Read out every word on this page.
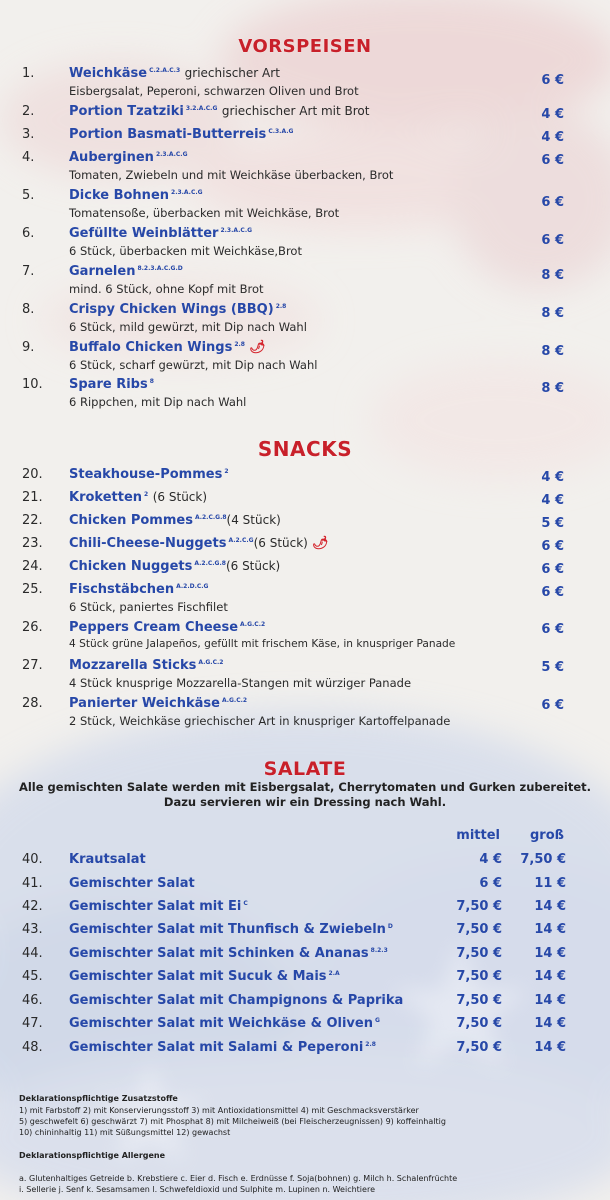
VORSPEISEN
1.	Weichkäse $^{C.2.A.C.3}$ griechischer Art
Eisbergsalat, Peperoni, schwarzen Oliven und Brot
6 €
2.	Portion Tzatziki $^{3.2.A.C.G}$ griechischer Art mit Brot	4 €
3.	Portion Basmati-Butterreis $^{C.3.A.G}$	4 €
4.	Auberginen $^{2.3.A.C.G}$
Tomaten, Zwiebeln und mit Weichkäse überbacken, Brot
6 €
5.	Dicke Bohnen $^{2.3.A.C.G}$
Tomatensoße, überbacken mit Weichkäse, Brot
6 €
6.	Gefüllte Weinblätter $^{2.3.A.C.G}$
6 Stück, überbacken mit Weichkäse,Brot
6 €
7.	Garnelen $^{8.2.3.A.C.G.D}$
mind. 6 Stück, ohne Kopf mit Brot
8 €
8.	Crispy Chicken Wings (BBQ) $^{2.8}$
6 Stück, mild gewürzt, mit Dip nach Wahl
8 €
9.	Buffalo Chicken Wings $^{2.8}$ 🌶
6 Stück, scharf gewürzt, mit Dip nach Wahl
8 €
10. Spare Ribs $^8$
6 Rippchen, mit Dip nach Wahl
8 €
SNACKS
20. Steakhouse-Pommes $^2$	4 €
21. Kroketten $^2$ (6 Stück)	4 €
22. Chicken Pommes $^{A.2.C.G.8}$(4 Stück)	5 €
23. Chili-Cheese-Nuggets $^{A.2.C.G}$(6 Stück) 🌶	6 €
24. Chicken Nuggets $^{A.2.C.G.8}$(6 Stück)	6 €
25. Fischstäbchen $^{A.2.D.C.G}$
6 Stück, paniertes Fischfilet
6 €
26. Peppers Cream Cheese $^{A.G.C.2}$
4 Stück grüne Jalapeños, gefüllt mit frischem Käse, in knuspriger Panade
6 €
27. Mozzarella Sticks $^{A.G.C.2}$
4 Stück knusprige Mozzarella-Stangen mit würziger Panade
5 €
28. Panierter Weichkäse $^{A.G.C.2}$
2 Stück, Weichkäse griechischer Art in knuspriger Kartoffelpanade
6 €
SALATE
Alle gemischten Salate werden mit Eisbergsalat, Cherrytomaten und Gurken zubereitet.
Dazu servieren wir ein Dressing nach Wahl.
mittel groß
40. Krautsalat	4 € 7,50 €
41. Gemischter Salat	6 € 11 €
42. Gemischter Salat mit Ei $^C$	7,50 € 14 €
43. Gemischter Salat mit Thunfisch & Zwiebeln $^D$	7,50 € 14 €
44. Gemischter Salat mit Schinken & Ananas $^{8.2.3}$	7,50 € 14 €
45. Gemischter Salat mit Sucuk & Mais $^{2.A}$	7,50 € 14 €
46. Gemischter Salat mit Champignons & Paprika	7,50 € 14 €
47. Gemischter Salat mit Weichkäse & Oliven $^G$	7,50 € 14 €
48. Gemischter Salat mit Salami & Peperoni $^{2.8}$	7,50 € 14 €
Deklarationspflichtige Zusatzstoffe
1) mit Farbstoff 2) mit Konservierungsstoff 3) mit Antioxidationsmittel 4) mit Geschmacksverstärker
5) geschwefelt 6) geschwärzt 7) mit Phosphat 8) mit Milcheiweiß (bei Fleischerzeugnissen) 9) koffeinhaltig
10) chininhaltig 11) mit Süßungsmittel 12) gewachst
Deklarationspflichtige Allergene
a. Glutenhaltiges Getreide b. Krebstiere c. Eier d. Fisch e. Erdnüsse f. Soja(bohnen) g. Milch h. Schalenfrüchte
i. Sellerie j. Senf k. Sesamsamen l. Schwefeldioxid und Sulphite m. Lupinen n. Weichtiere
